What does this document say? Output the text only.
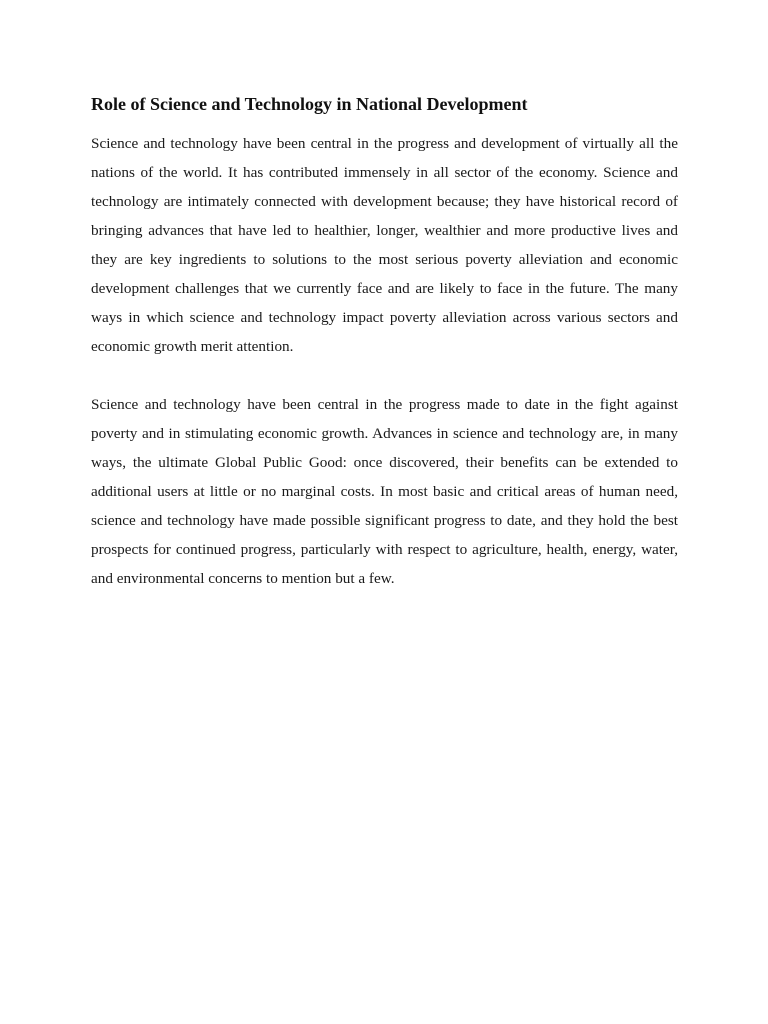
Role of Science and Technology in National Development

Science and technology have been central in the progress and development of virtually all the nations of the world. It has contributed immensely in all sector of the economy. Science and technology are intimately connected with development because; they have historical record of bringing advances that have led to healthier, longer, wealthier and more productive lives and they are key ingredients to solutions to the most serious poverty alleviation and economic development challenges that we currently face and are likely to face in the future. The many ways in which science and technology impact poverty alleviation across various sectors and economic growth merit attention.

Science and technology have been central in the progress made to date in the fight against poverty and in stimulating economic growth. Advances in science and technology are, in many ways, the ultimate Global Public Good: once discovered, their benefits can be extended to additional users at little or no marginal costs. In most basic and critical areas of human need, science and technology have made possible significant progress to date, and they hold the best prospects for continued progress, particularly with respect to agriculture, health, energy, water, and environmental concerns to mention but a few.
